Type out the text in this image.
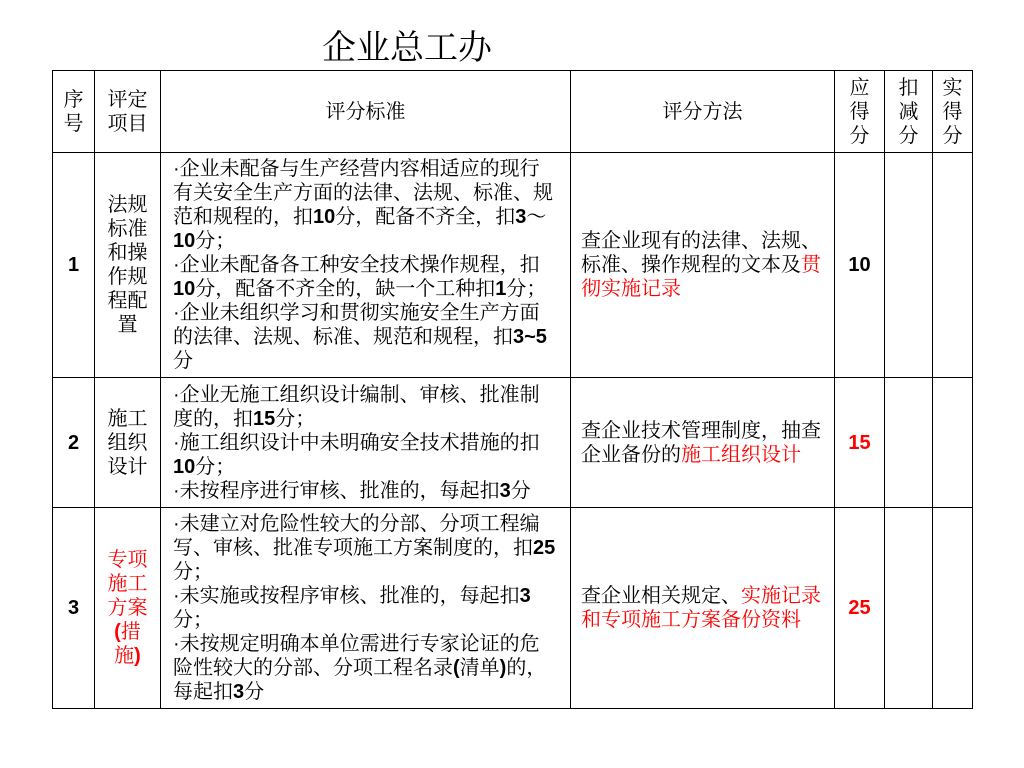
企业总工办
序号	评定项目	评分标准	评分方法	应得分	扣减分	实得分

1	法规标准和操作规程配置	·企业未配备与生产经营内容相适应的现行有关安全生产方面的法律、法规、标准、规范和规程的，扣10分，配备不齐全，扣3～10分；
·企业未配备各工种安全技术操作规程，扣10分，配备不齐全的，缺一个工种扣1分；
·企业未组织学习和贯彻实施安全生产方面的法律、法规、标准、规范和规程，扣3~5分	查企业现有的法律、法规、标准、操作规程的文本及贯彻实施记录	10		

2	施工组织设计	·企业无施工组织设计编制、审核、批准制度的，扣15分；
·施工组织设计中未明确安全技术措施的扣10分；
·未按程序进行审核、批准的，每起扣3分	查企业技术管理制度，抽查企业备份的施工组织设计	15		

3	专项施工方案(措施)	·未建立对危险性较大的分部、分项工程编写、审核、批准专项施工方案制度的，扣25分；
·未实施或按程序审核、批准的，每起扣3分；
·未按规定明确本单位需进行专家论证的危险性较大的分部、分项工程名录(清单)的，每起扣3分	查企业相关规定、实施记录和专项施工方案备份资料	25		
